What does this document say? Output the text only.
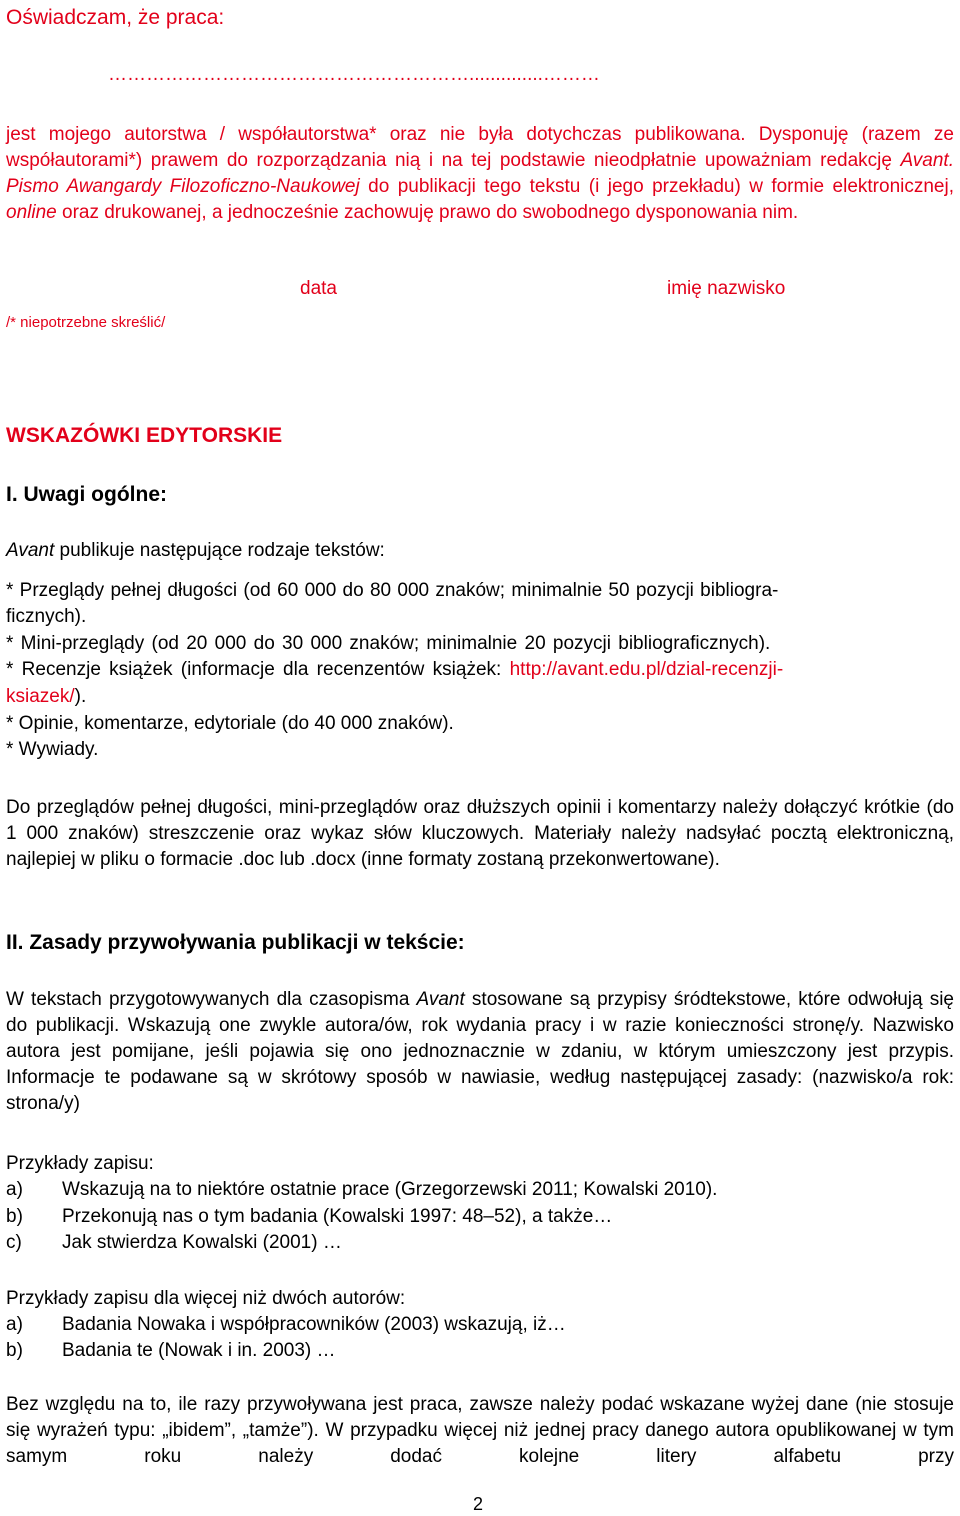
Oświadczam, że praca:
…………………………………………………..............………
jest mojego autorstwa / współautorstwa* oraz nie była dotychczas publikowana. Dysponuję (razem ze współautorami*) prawem do rozporządzania nią i na tej podstawie nieodpłatnie upoważniam redakcję Avant. Pismo Awangardy Filozoficzno-Naukowej do publikacji tego tekstu (i jego przekładu) w formie elektronicznej, online oraz drukowanej, a jednocześnie zachowuję prawo do swobodnego dysponowania nim.
data	imię nazwisko
/* niepotrzebne skreślić/
WSKAZÓWKI EDYTORSKIE
I. Uwagi ogólne:
Avant publikuje następujące rodzaje tekstów:
* Przeglądy pełnej długości (od 60 000 do 80 000 znaków; minimalnie 50 pozycji bibliogra-
ficznych).
* Mini-przeglądy (od 20 000 do 30 000 znaków; minimalnie 20 pozycji bibliograficznych).
* Recenzje książek (informacje dla recenzentów książek: http://avant.edu.pl/dzial-recenzji-
ksiazek/).
* Opinie, komentarze, edytoriale (do 40 000 znaków).
* Wywiady.
Do przeglądów pełnej długości, mini-przeglądów oraz dłuższych opinii i komentarzy należy dołączyć krótkie (do 1 000 znaków) streszczenie oraz wykaz słów kluczowych. Materiały należy nadsyłać pocztą elektroniczną, najlepiej w pliku o formacie .doc lub .docx (inne formaty zostaną przekonwertowane).
II. Zasady przywoływania publikacji w tekście:
W tekstach przygotowywanych dla czasopisma Avant stosowane są przypisy śródtekstowe, które odwołują się do publikacji. Wskazują one zwykle autora/ów, rok wydania pracy i w razie konieczności stronę/y. Nazwisko autora jest pomijane, jeśli pojawia się ono jednoznacznie w zdaniu, w którym umieszczony jest przypis. Informacje te podawane są w skrótowy sposób w nawiasie, według następującej zasady: (nazwisko/a rok: strona/y)
Przykłady zapisu:
a) Wskazują na to niektóre ostatnie prace (Grzegorzewski 2011; Kowalski 2010).
b) Przekonują nas o tym badania (Kowalski 1997: 48–52), a także…
c) Jak stwierdza Kowalski (2001) …
Przykłady zapisu dla więcej niż dwóch autorów:
a) Badania Nowaka i współpracowników (2003) wskazują, iż…
b) Badania te (Nowak i in. 2003) …
Bez względu na to, ile razy przywoływana jest praca, zawsze należy podać wskazane wyżej dane (nie stosuje się wyrażeń typu: „ibidem”, „tamże”). W przypadku więcej niż jednej pracy danego autora opublikowanej w tym samym roku należy dodać kolejne litery alfabetu przy
2
